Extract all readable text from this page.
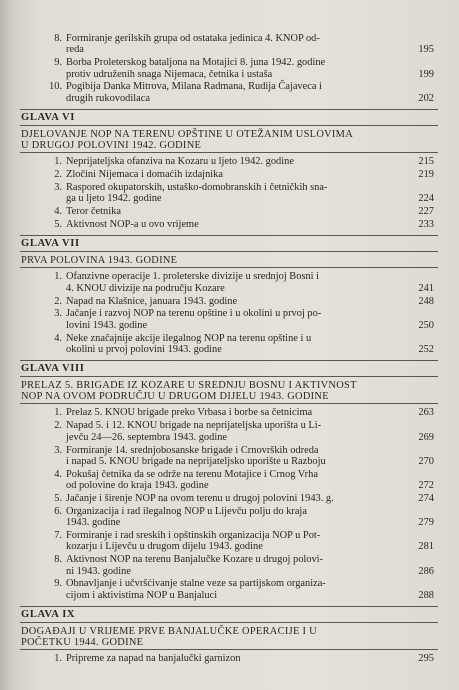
8. Formiranje gerilskih grupa od ostataka jedinica 4. KNOP od-
reda	195
9. Borba Proleterskog bataljona na Motajici 8. juna 1942. godine
protiv udruženih snaga Nijemaca, četnika i ustaša	199
10. Pogibija Danka Mitrova, Milana Radmana, Rudija Čajaveca i
drugih rukovodilaca	202
GLAVA VI
DJELOVANJE NOP NA TERENU OPŠTINE U OTEŽANIM USLOVIMA
U DRUGOJ POLOVINI 1942. GODINE
1. Neprijateljska ofanziva na Kozaru u ljeto 1942. godine	215
2. Zločini Nijemaca i domaćih izdajnika	219
3. Raspored okupatorskih, ustaško-domobranskih i četničkih sna-
ga u ljeto 1942. godine	224
4. Teror četnika	227
5. Aktivnost NOP-a u ovo vrijeme	233
GLAVA VII
PRVA POLOVINA 1943. GODINE
1. Ofanzivne operacije 1. proleterske divizije u srednjoj Bosni i
4. KNOU divizije na području Kozare	241
2. Napad na Klašnice, januara 1943. godine	248
3. Jačanje i razvoj NOP na terenu opštine i u okolini u prvoj po-
lovini 1943. godine	250
4. Neke značajnije akcije ilegalnog NOP na terenu opštine i u
okolini u prvoj polovini 1943. godine	252
GLAVA VIII
PRELAZ 5. BRIGADE IZ KOZARE U SREDNJU BOSNU I AKTIVNOST
NOP NA OVOM PODRUČJU U DRUGOM DIJELU 1943. GODINE
1. Prelaz 5. KNOU brigade preko Vrbasa i borbe sa četnicima	263
2. Napad 5. i 12. KNOU brigade na neprijateljska uporišta u Li-
jevču 24—26. septembra 1943. godine	269
3. Formiranje 14. srednjobosanske brigade i Crnovrških odreda
i napad 5. KNOU brigade na neprijateljsko uporište u Razboju	270
4. Pokušaj četnika da se održe na terenu Motajice i Crnog Vrha
od polovine do kraja 1943. godine	272
5. Jačanje i širenje NOP na ovom terenu u drugoj polovini 1943. g.	274
6. Organizacija i rad ilegalnog NOP u Lijevču polju do kraja
1943. godine	279
7. Formiranje i rad sreskih i opštinskih organizacija NOP u Pot-
kozarju i Lijevču u drugom dijelu 1943. godine	281
8. Aktivnost NOP na terenu Banjalučke Kozare u drugoj polovi-
ni 1943. godine	286
9. Obnavljanje i učvršćivanje stalne veze sa partijskom organiza-
cijom i aktivistima NOP u Banjaluci	288
GLAVA IX
DOGAĐAJI U VRIJEME PRVE BANJALUČKE OPERACIJE I U
POČETKU 1944. GODINE
1. Pripreme za napad na banjalučki garnizon	295
